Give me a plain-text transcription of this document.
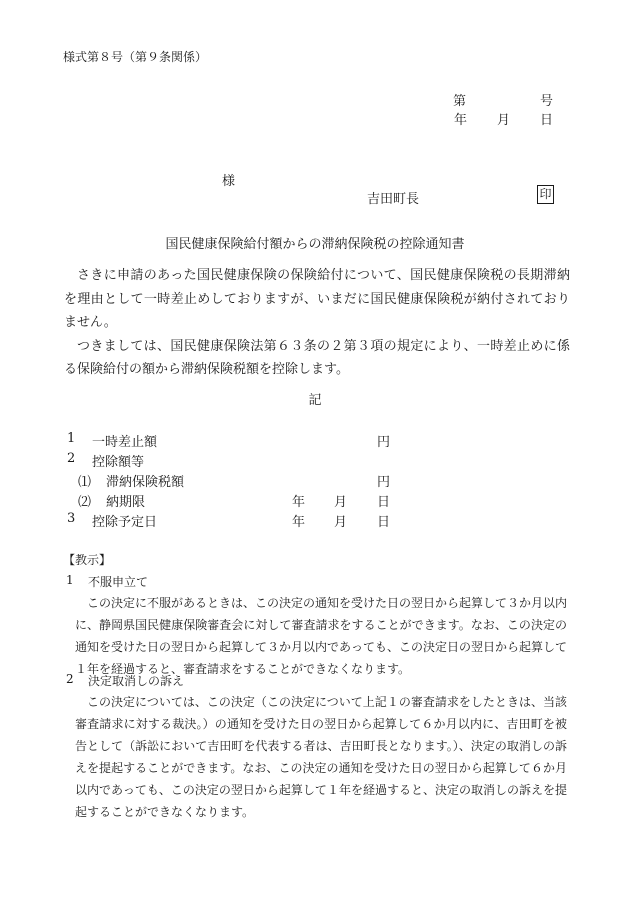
様式第８号（第９条関係）
第	号
年 月 日
様
吉田町長	印
国民健康保険給付額からの滞納保険税の控除通知書

さきに申請のあった国民健康保険の保険給付について、国民健康保険税の長期滞納を理由として一時差止めしておりますが、いまだに国民健康保険税が納付されておりません。

つきましては、国民健康保険法第６３条の２第３項の規定により、一時差止めに係る保険給付の額から滞納保険税額を控除します。

記
1 一時差止額	円
2 控除額等
⑴ 滞納保険税額	円
⑵ 納期限	年 月 日
3 控除予定日	年 月 日
【教示】
1 不服申立て

この決定に不服があるときは、この決定の通知を受けた日の翌日から起算して３か月以内に、静岡県国民健康保険審査会に対して審査請求をすることができます。なお、この決定の通知を受けた日の翌日から起算して３か月以内であっても、この決定日の翌日から起算して１年を経過すると、審査請求をすることができなくなります。

2 決定取消しの訴え

この決定については、この決定（この決定について上記１の審査請求をしたときは、当該審査請求に対する裁決。）の通知を受けた日の翌日から起算して６か月以内に、吉田町を被告として（訴訟において吉田町を代表する者は、吉田町長となります。）、決定の取消しの訴えを提起することができます。なお、この決定の通知を受けた日の翌日から起算して６か月以内であっても、この決定の翌日から起算して１年を経過すると、決定の取消しの訴えを提起することができなくなります。
